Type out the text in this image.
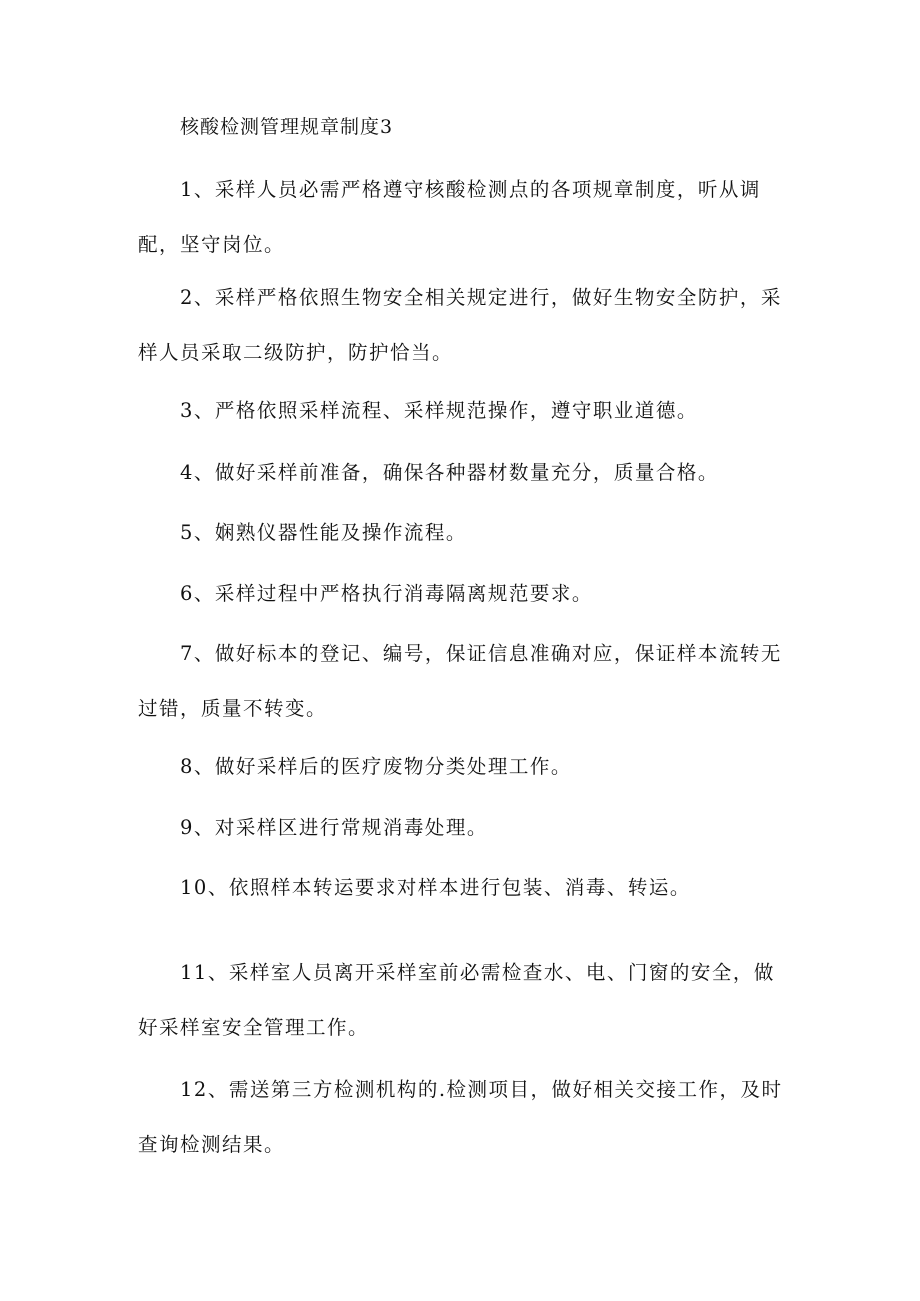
核酸检测管理规章制度3

1、采样人员必需严格遵守核酸检测点的各项规章制度，听从调配，坚守岗位。

2、采样严格依照生物安全相关规定进行，做好生物安全防护，采样人员采取二级防护，防护恰当。

3、严格依照采样流程、采样规范操作，遵守职业道德。

4、做好采样前准备，确保各种器材数量充分，质量合格。

5、娴熟仪器性能及操作流程。

6、采样过程中严格执行消毒隔离规范要求。

7、做好标本的登记、编号，保证信息准确对应，保证样本流转无过错，质量不转变。

8、做好采样后的医疗废物分类处理工作。

9、对采样区进行常规消毒处理。

10、依照样本转运要求对样本进行包装、消毒、转运。

11、采样室人员离开采样室前必需检查水、电、门窗的安全，做好采样室安全管理工作。

12、需送第三方检测机构的.检测项目，做好相关交接工作，及时查询检测结果。
